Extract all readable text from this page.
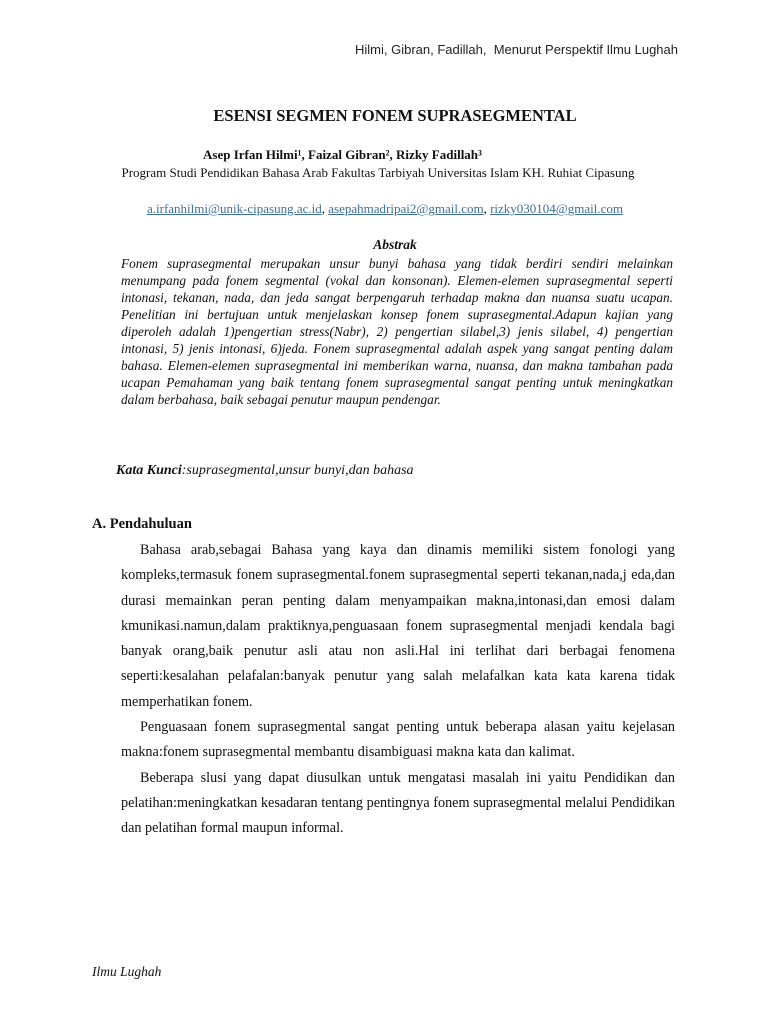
Hilmi, Gibran, Fadillah,  Menurut Perspektif Ilmu Lughah
ESENSI SEGMEN FONEM SUPRASEGMENTAL
Asep Irfan Hilmi¹, Faizal Gibran², Rizky Fadillah³
Program Studi Pendidikan Bahasa Arab Fakultas Tarbiyah Universitas Islam KH. Ruhiat Cipasung
a.irfanhilmi@unik-cipasung.ac.id, asepahmadripai2@gmail.com, rizky030104@gmail.com
Abstrak
Fonem suprasegmental merupakan unsur bunyi bahasa yang tidak berdiri sendiri melainkan menumpang pada fonem segmental (vokal dan konsonan). Elemen-elemen suprasegmental seperti intonasi, tekanan, nada, dan jeda sangat berpengaruh terhadap makna dan nuansa suatu ucapan. Penelitian ini bertujuan untuk menjelaskan konsep fonem suprasegmental.Adapun kajian yang diperoleh adalah 1)pengertian stress(Nabr), 2) pengertian silabel,3) jenis silabel, 4) pengertian intonasi, 5) jenis intonasi, 6)jeda. Fonem suprasegmental adalah aspek yang sangat penting dalam bahasa. Elemen-elemen suprasegmental ini memberikan warna, nuansa, dan makna tambahan pada ucapan Pemahaman yang baik tentang fonem suprasegmental sangat penting untuk meningkatkan dalam berbahasa, baik sebagai penutur maupun pendengar.
Kata Kunci:suprasegmental,unsur bunyi,dan bahasa
A. Pendahuluan

Bahasa arab,sebagai Bahasa yang kaya dan dinamis memiliki sistem fonologi yang kompleks,termasuk fonem suprasegmental.fonem suprasegmental seperti tekanan,nada,j eda,dan durasi memainkan peran penting dalam menyampaikan makna,intonasi,dan emosi dalam kmunikasi.namun,dalam praktiknya,penguasaan fonem suprasegmental menjadi kendala bagi banyak orang,baik penutur asli atau non asli.Hal ini terlihat dari berbagai fenomena seperti:kesalahan pelafalan:banyak penutur yang salah melafalkan kata kata karena tidak memperhatikan fonem.

Penguasaan fonem suprasegmental sangat penting untuk beberapa alasan yaitu kejelasan makna:fonem suprasegmental membantu disambiguasi makna kata dan kalimat.

Beberapa slusi yang dapat diusulkan untuk mengatasi masalah ini yaitu Pendidikan dan pelatihan:meningkatkan kesadaran tentang pentingnya fonem suprasegmental melalui Pendidikan dan pelatihan formal maupun informal.

Ilmu Lughah
